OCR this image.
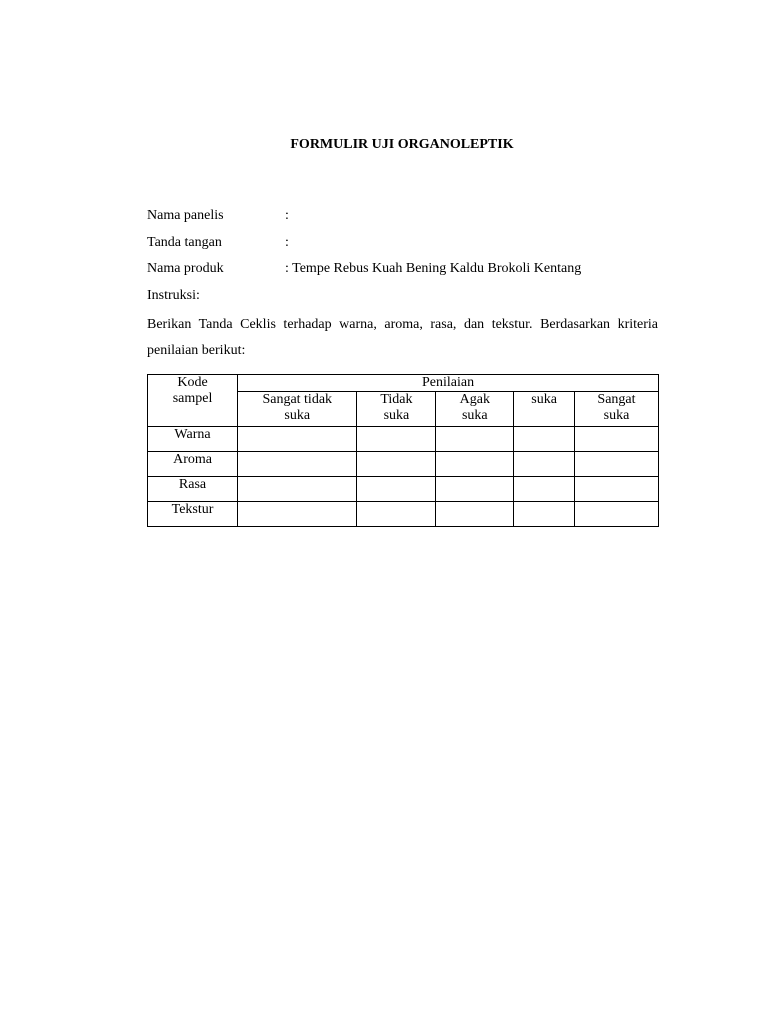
FORMULIR UJI ORGANOLEPTIK
Nama panelis	:
Tanda tangan	:
Nama produk	: Tempe Rebus Kuah Bening Kaldu Brokoli Kentang
Instruksi:
Berikan Tanda Ceklis terhadap warna, aroma, rasa, dan tekstur. Berdasarkan kriteria penilaian berikut:
Kode sampel	Penilaian				
	Sangat tidak suka	Tidak suka	Agak suka	suka	Sangat suka
Warna					
Aroma					
Rasa					
Tekstur					
